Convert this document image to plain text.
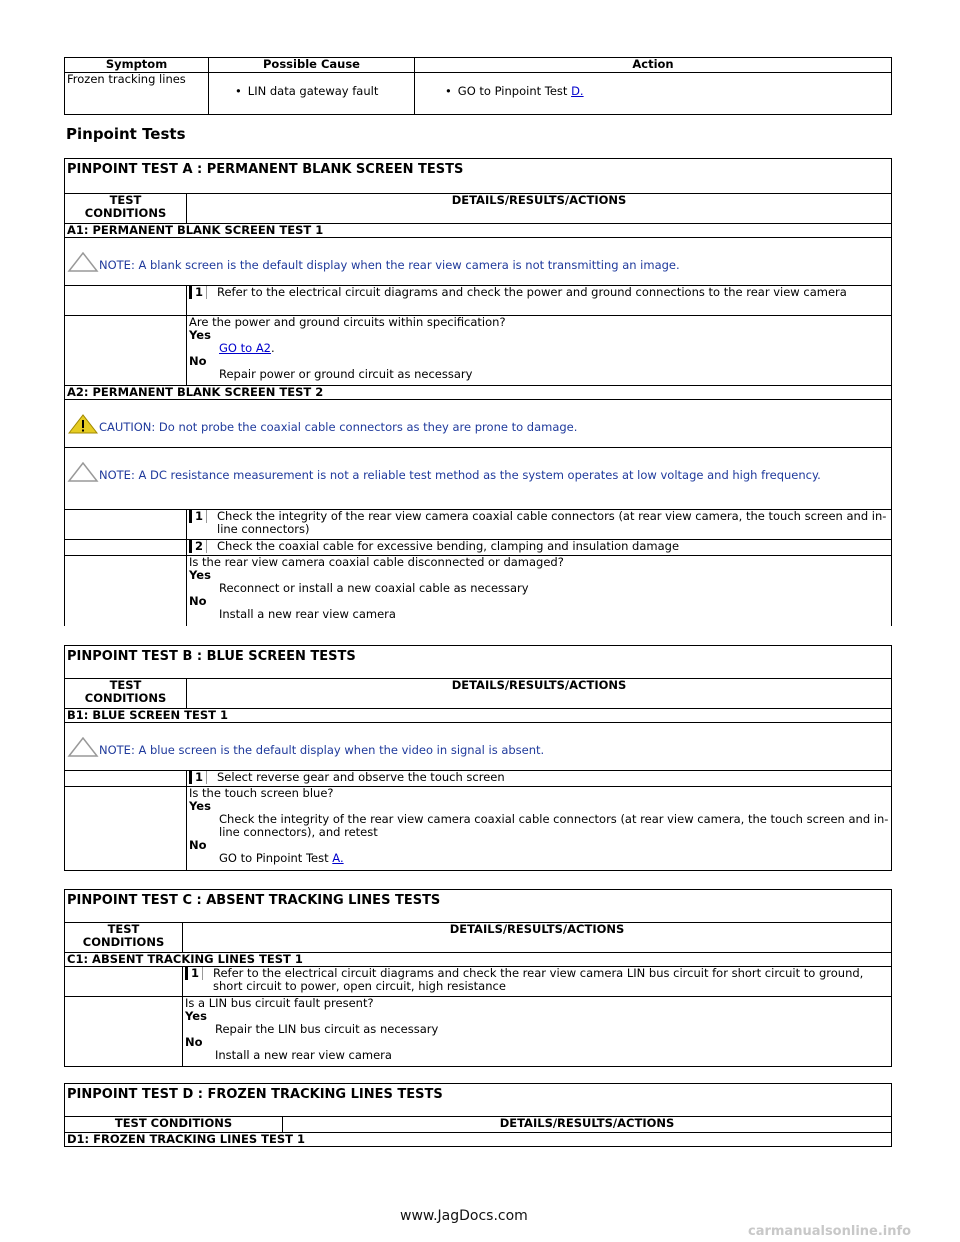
Symptom	Possible Cause	Action
Frozen tracking lines	• LIN data gateway fault	• GO to Pinpoint Test D.
Pinpoint Tests
PINPOINT TEST A : PERMANENT BLANK SCREEN TESTS
TEST CONDITIONS	DETAILS/RESULTS/ACTIONS
A1: PERMANENT BLANK SCREEN TEST 1
NOTE: A blank screen is the default display when the rear view camera is not transmitting an image.

1	Refer to the electrical circuit diagrams and check the power and ground connections to the rear view camera

Are the power and ground circuits within specification?
Yes
GO to A2.
No
Repair power or ground circuit as necessary

A2: PERMANENT BLANK SCREEN TEST 2
CAUTION: Do not probe the coaxial cable connectors as they are prone to damage.
NOTE: A DC resistance measurement is not a reliable test method as the system operates at low voltage and high frequency.

1	Check the integrity of the rear view camera coaxial cable connectors (at rear view camera, the touch screen and in-line connectors)

2	Check the coaxial cable for excessive bending, clamping and insulation damage

Is the rear view camera coaxial cable disconnected or damaged?
Yes
Reconnect or install a new coaxial cable as necessary
No
Install a new rear view camera
PINPOINT TEST B : BLUE SCREEN TESTS
TEST CONDITIONS	DETAILS/RESULTS/ACTIONS
B1: BLUE SCREEN TEST 1
NOTE: A blue screen is the default display when the video in signal is absent.

1	Select reverse gear and observe the touch screen

Is the touch screen blue?
Yes
Check the integrity of the rear view camera coaxial cable connectors (at rear view camera, the touch screen and in-line connectors), and retest
No
GO to Pinpoint Test A.
PINPOINT TEST C : ABSENT TRACKING LINES TESTS
TEST CONDITIONS	DETAILS/RESULTS/ACTIONS
C1: ABSENT TRACKING LINES TEST 1

1	Refer to the electrical circuit diagrams and check the rear view camera LIN bus circuit for short circuit to ground, short circuit to power, open circuit, high resistance

Is a LIN bus circuit fault present?
Yes
Repair the LIN bus circuit as necessary
No
Install a new rear view camera
PINPOINT TEST D : FROZEN TRACKING LINES TESTS
TEST CONDITIONS	DETAILS/RESULTS/ACTIONS
D1: FROZEN TRACKING LINES TEST 1
www.JagDocs.com
carmanualsonline.info
